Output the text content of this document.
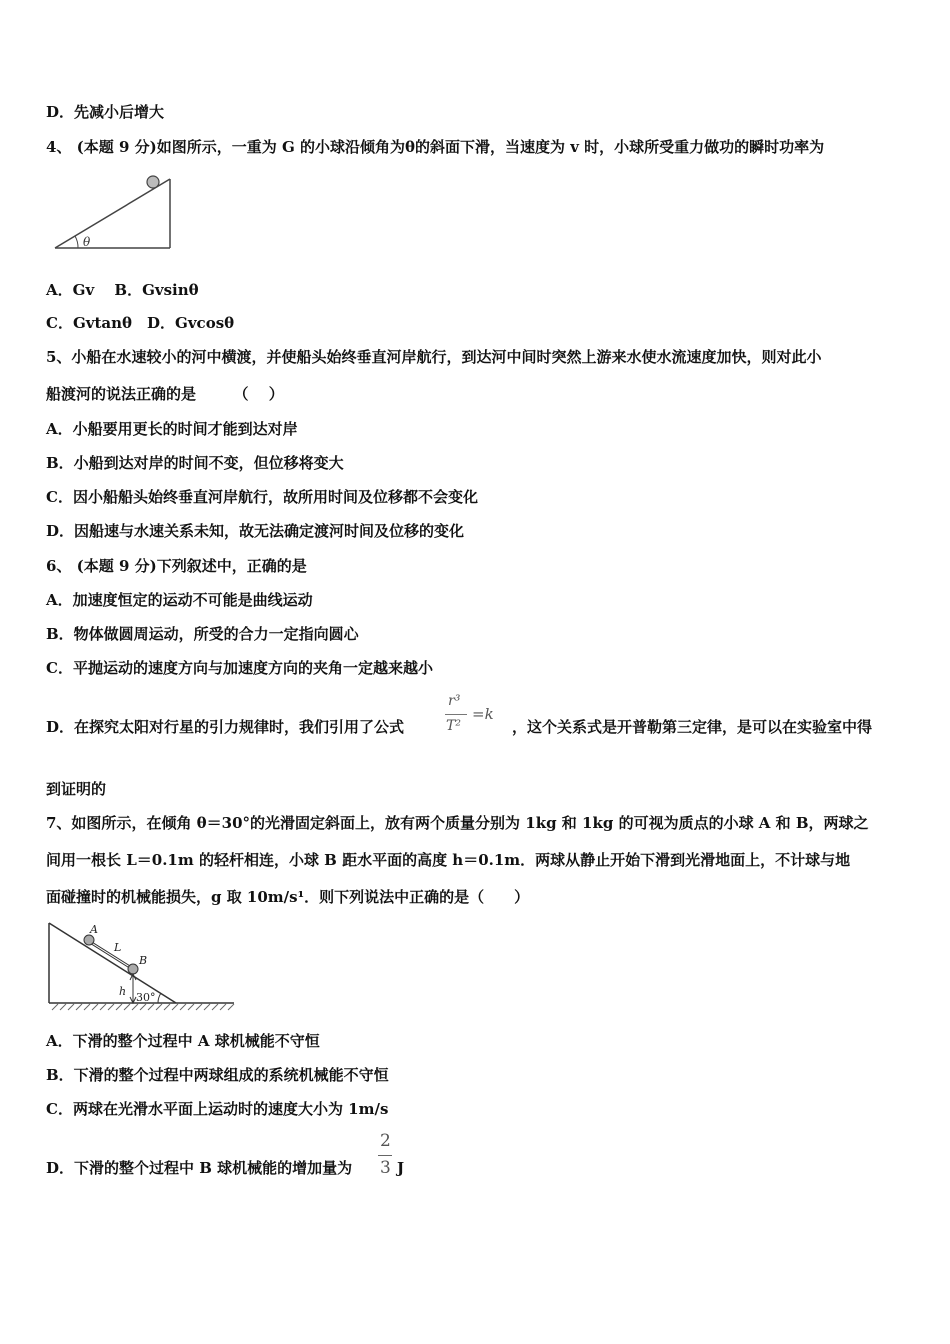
D．先减小后增大
4、 (本题 9 分)如图所示，一重为 G 的小球沿倾角为θ的斜面下滑，当速度为 v 时，小球所受重力做功的瞬时功率为
θ
A．Gv　 B．Gvsinθ
C．Gvtanθ　D．Gvcosθ
5、小船在水速较小的河中横渡，并使船头始终垂直河岸航行，到达河中间时突然上游来水使水流速度加快，则对此小
船渡河的说法正确的是　　　（　 ）
A．小船要用更长的时间才能到达对岸
B．小船到达对岸的时间不变，但位移将变大
C．因小船船头始终垂直河岸航行，故所用时间及位移都不会变化
D．因船速与水速关系未知，故无法确定渡河时间及位移的变化
6、 (本题 9 分)下列叙述中，正确的是
A．加速度恒定的运动不可能是曲线运动
B．物体做圆周运动，所受的合力一定指向圆心
C．平抛运动的速度方向与加速度方向的夹角一定越来越小
D．在探究太阳对行星的引力规律时，我们引用了公式
r³
T²
=k
，这个关系式是开普勒第三定律，是可以在实验室中得
到证明的
7、如图所示，在倾角 θ＝30°的光滑固定斜面上，放有两个质量分别为 1kg 和 1kg 的可视为质点的小球 A 和 B，两球之
间用一根长 L＝0.1m 的轻杆相连，小球 B 距水平面的高度 h＝0.1m．两球从静止开始下滑到光滑地面上，不计球与地
面碰撞时的机械能损失，g 取 10m/s¹．则下列说法中正确的是（　　）
A
L
B
h 30°
A．下滑的整个过程中 A 球机械能不守恒
B．下滑的整个过程中两球组成的系统机械能不守恒
C．两球在光滑水平面上运动时的速度大小为 1m/s
D．下滑的整个过程中 B 球机械能的增加量为
2
3 J
